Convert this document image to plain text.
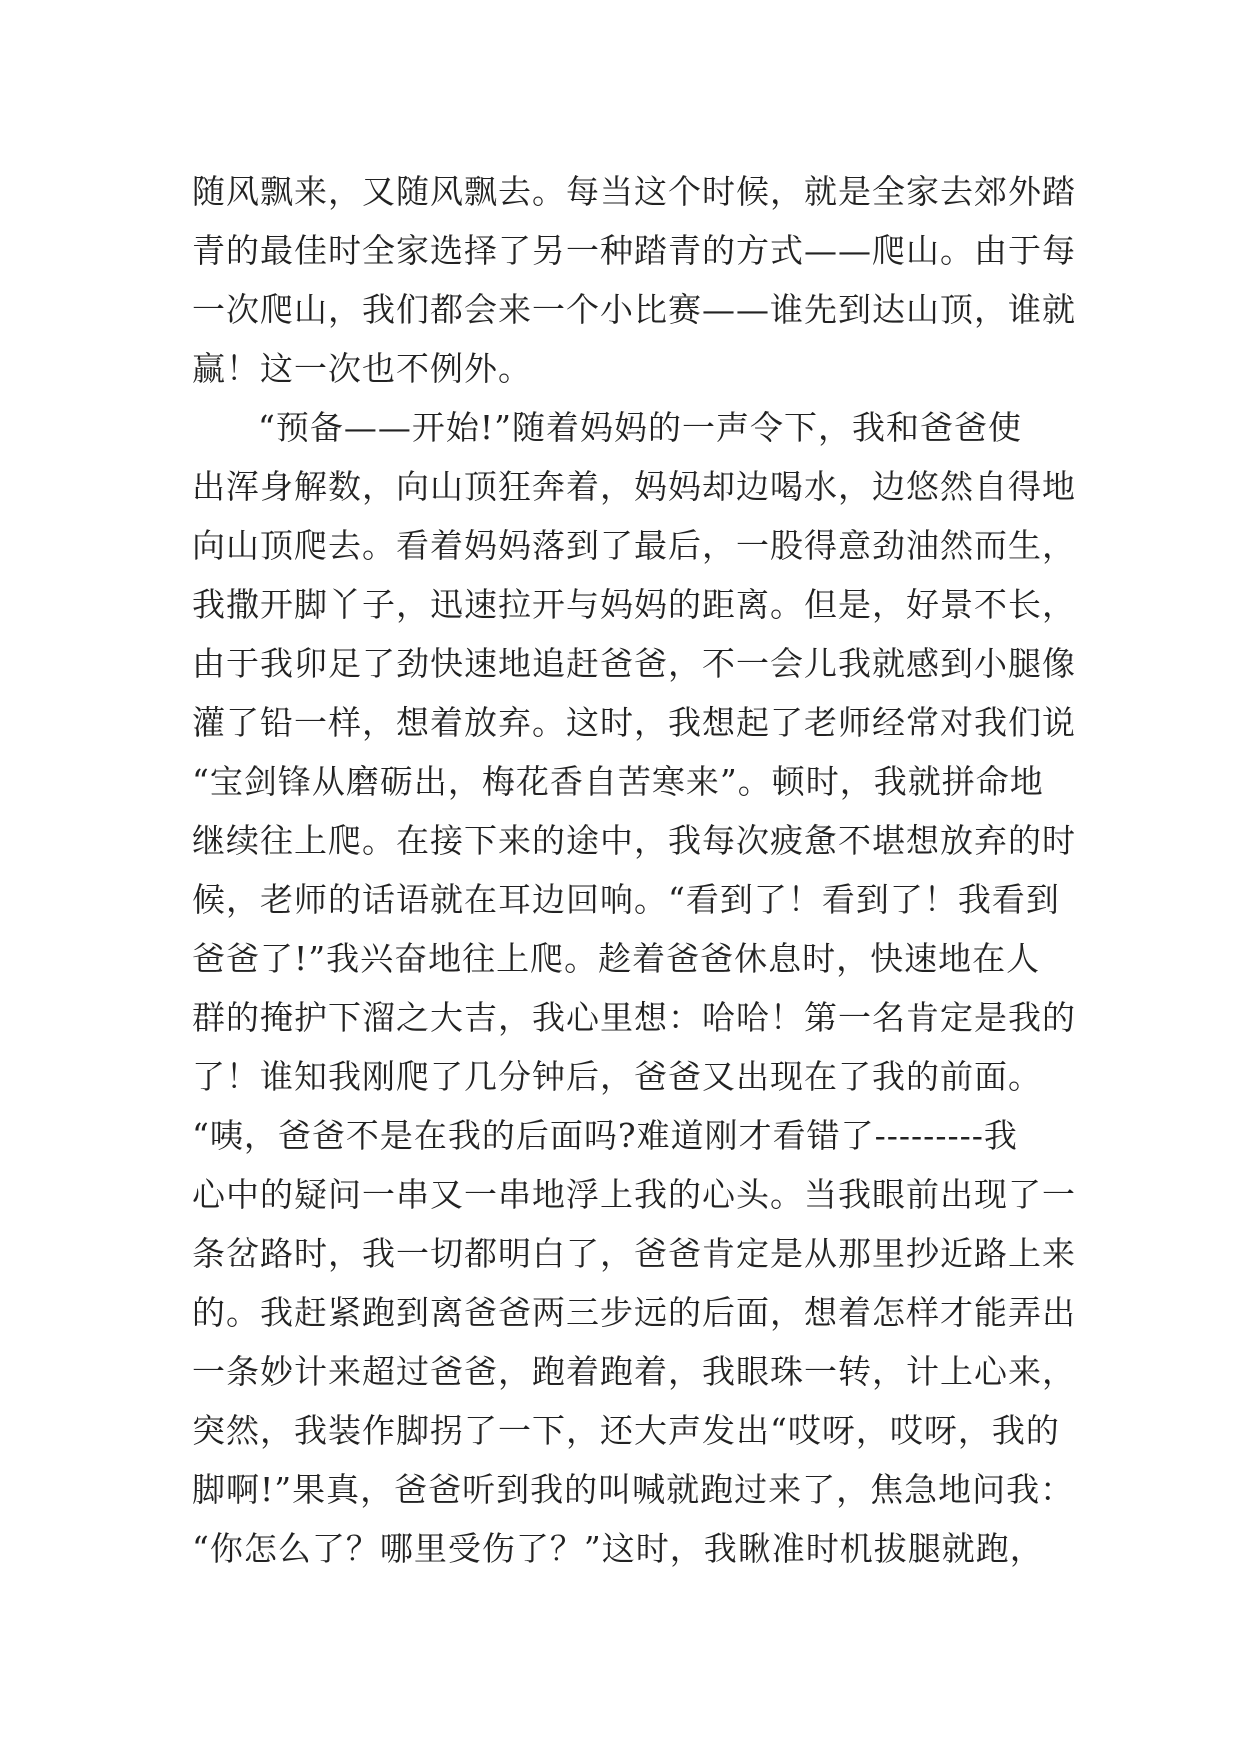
随风飘来，又随风飘去。每当这个时候，就是全家去郊外踏
青的最佳时全家选择了另一种踏青的方式——爬山。由于每
一次爬山，我们都会来一个小比赛——谁先到达山顶，谁就
赢！这一次也不例外。
“预备——开始!”随着妈妈的一声令下，我和爸爸使
出浑身解数，向山顶狂奔着，妈妈却边喝水，边悠然自得地
向山顶爬去。看着妈妈落到了最后，一股得意劲油然而生，
我撒开脚丫子，迅速拉开与妈妈的距离。但是，好景不长，
由于我卯足了劲快速地追赶爸爸，不一会儿我就感到小腿像
灌了铅一样，想着放弃。这时，我想起了老师经常对我们说
“宝剑锋从磨砺出，梅花香自苦寒来”。顿时，我就拼命地
继续往上爬。在接下来的途中，我每次疲惫不堪想放弃的时
候，老师的话语就在耳边回响。“看到了！看到了！我看到
爸爸了!”我兴奋地往上爬。趁着爸爸休息时，快速地在人
群的掩护下溜之大吉，我心里想：哈哈！第一名肯定是我的
了！谁知我刚爬了几分钟后，爸爸又出现在了我的前面。
“咦，爸爸不是在我的后面吗?难道刚才看错了---------我
心中的疑问一串又一串地浮上我的心头。当我眼前出现了一
条岔路时，我一切都明白了，爸爸肯定是从那里抄近路上来
的。我赶紧跑到离爸爸两三步远的后面，想着怎样才能弄出
一条妙计来超过爸爸，跑着跑着，我眼珠一转，计上心来，
突然，我装作脚拐了一下，还大声发出“哎呀，哎呀，我的
脚啊!”果真，爸爸听到我的叫喊就跑过来了，焦急地问我：
“你怎么了？哪里受伤了？”这时，我瞅准时机拔腿就跑，
